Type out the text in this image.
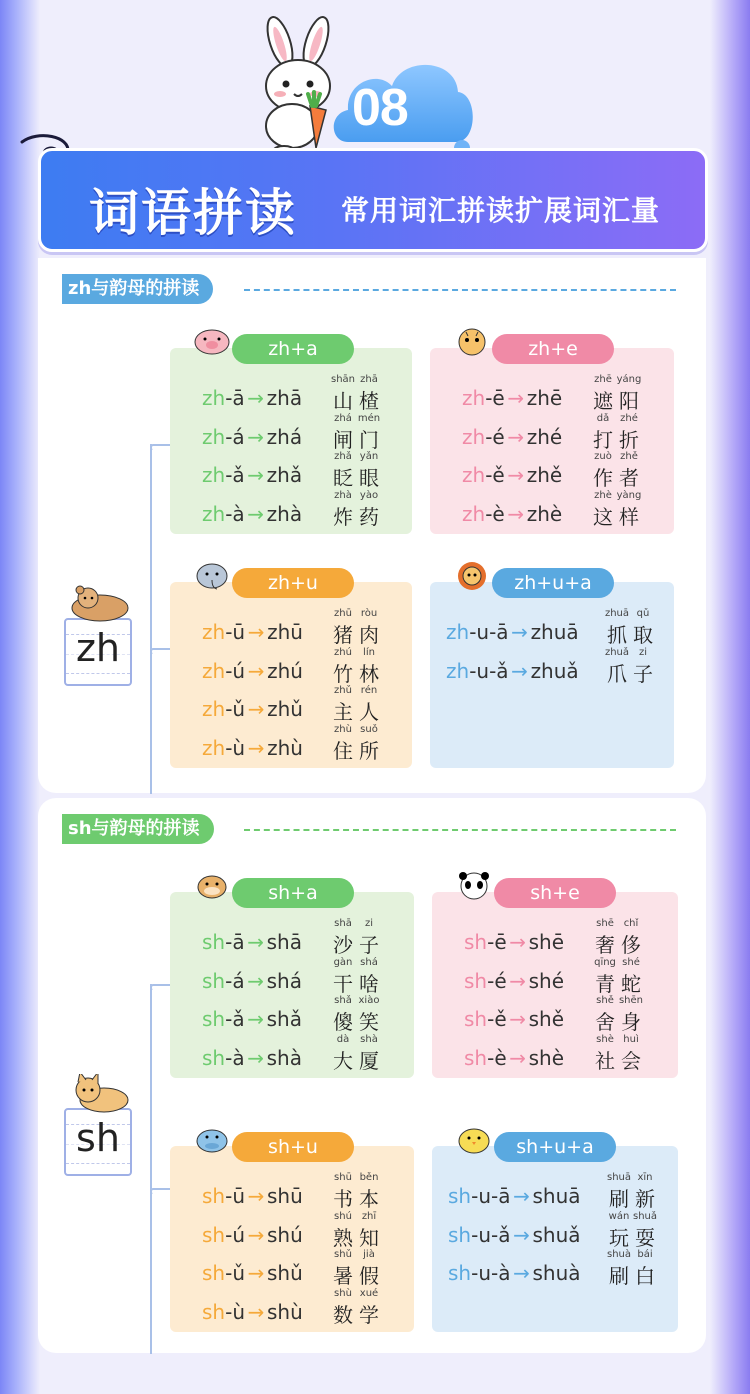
08
词语拼读 常用词汇拼读扩展词汇量
zh与韵母的拼读
zh
zh+a
zh-ā → zhā
shān
山
zhā
楂
zh-á → zhá
zhá
闸
mén
门
zh-ǎ → zhǎ
zhǎ
眨
yǎn
眼
zh-à → zhà
zhà
炸
yào
药
zh+e
zh-ē → zhē
zhē
遮
yáng
阳
zh-é → zhé
dǎ
打
zhé
折
zh-ě → zhě
zuò
作
zhě
者
zh-è → zhè
zhè
这
yàng
样
zh+u
zh-ū → zhū
zhū
猪
ròu
肉
zh-ú → zhú
zhú
竹
lín
林
zh-ǔ → zhǔ
zhǔ
主
rén
人
zh-ù → zhù
zhù
住
suǒ
所
zh+u+a
zh-u-ā → zhuā
zhuā
抓
qǔ
取
zh-u-ǎ → zhuǎ
zhuǎ
爪
zi
子
sh与韵母的拼读
sh
sh+a
sh-ā → shā
shā
沙
zi
子
sh-á → shá
gàn
干
shá
啥
sh-ǎ → shǎ
shǎ
傻
xiào
笑
sh-à → shà
dà
大
shà
厦
sh+e
sh-ē → shē
shē
奢
chǐ
侈
sh-é → shé
qīng
青
shé
蛇
sh-ě → shě
shě
舍
shēn
身
sh-è → shè
shè
社
huì
会
sh+u
sh-ū → shū
shū
书
běn
本
sh-ú → shú
shú
熟
zhī
知
sh-ǔ → shǔ
shǔ
暑
jià
假
sh-ù → shù
shù
数
xué
学
sh+u+a
sh-u-ā → shuā
shuā
刷
xīn
新
sh-u-ǎ → shuǎ
wán
玩
shuǎ
耍
sh-u-à → shuà
shuà
刷
bái
白
